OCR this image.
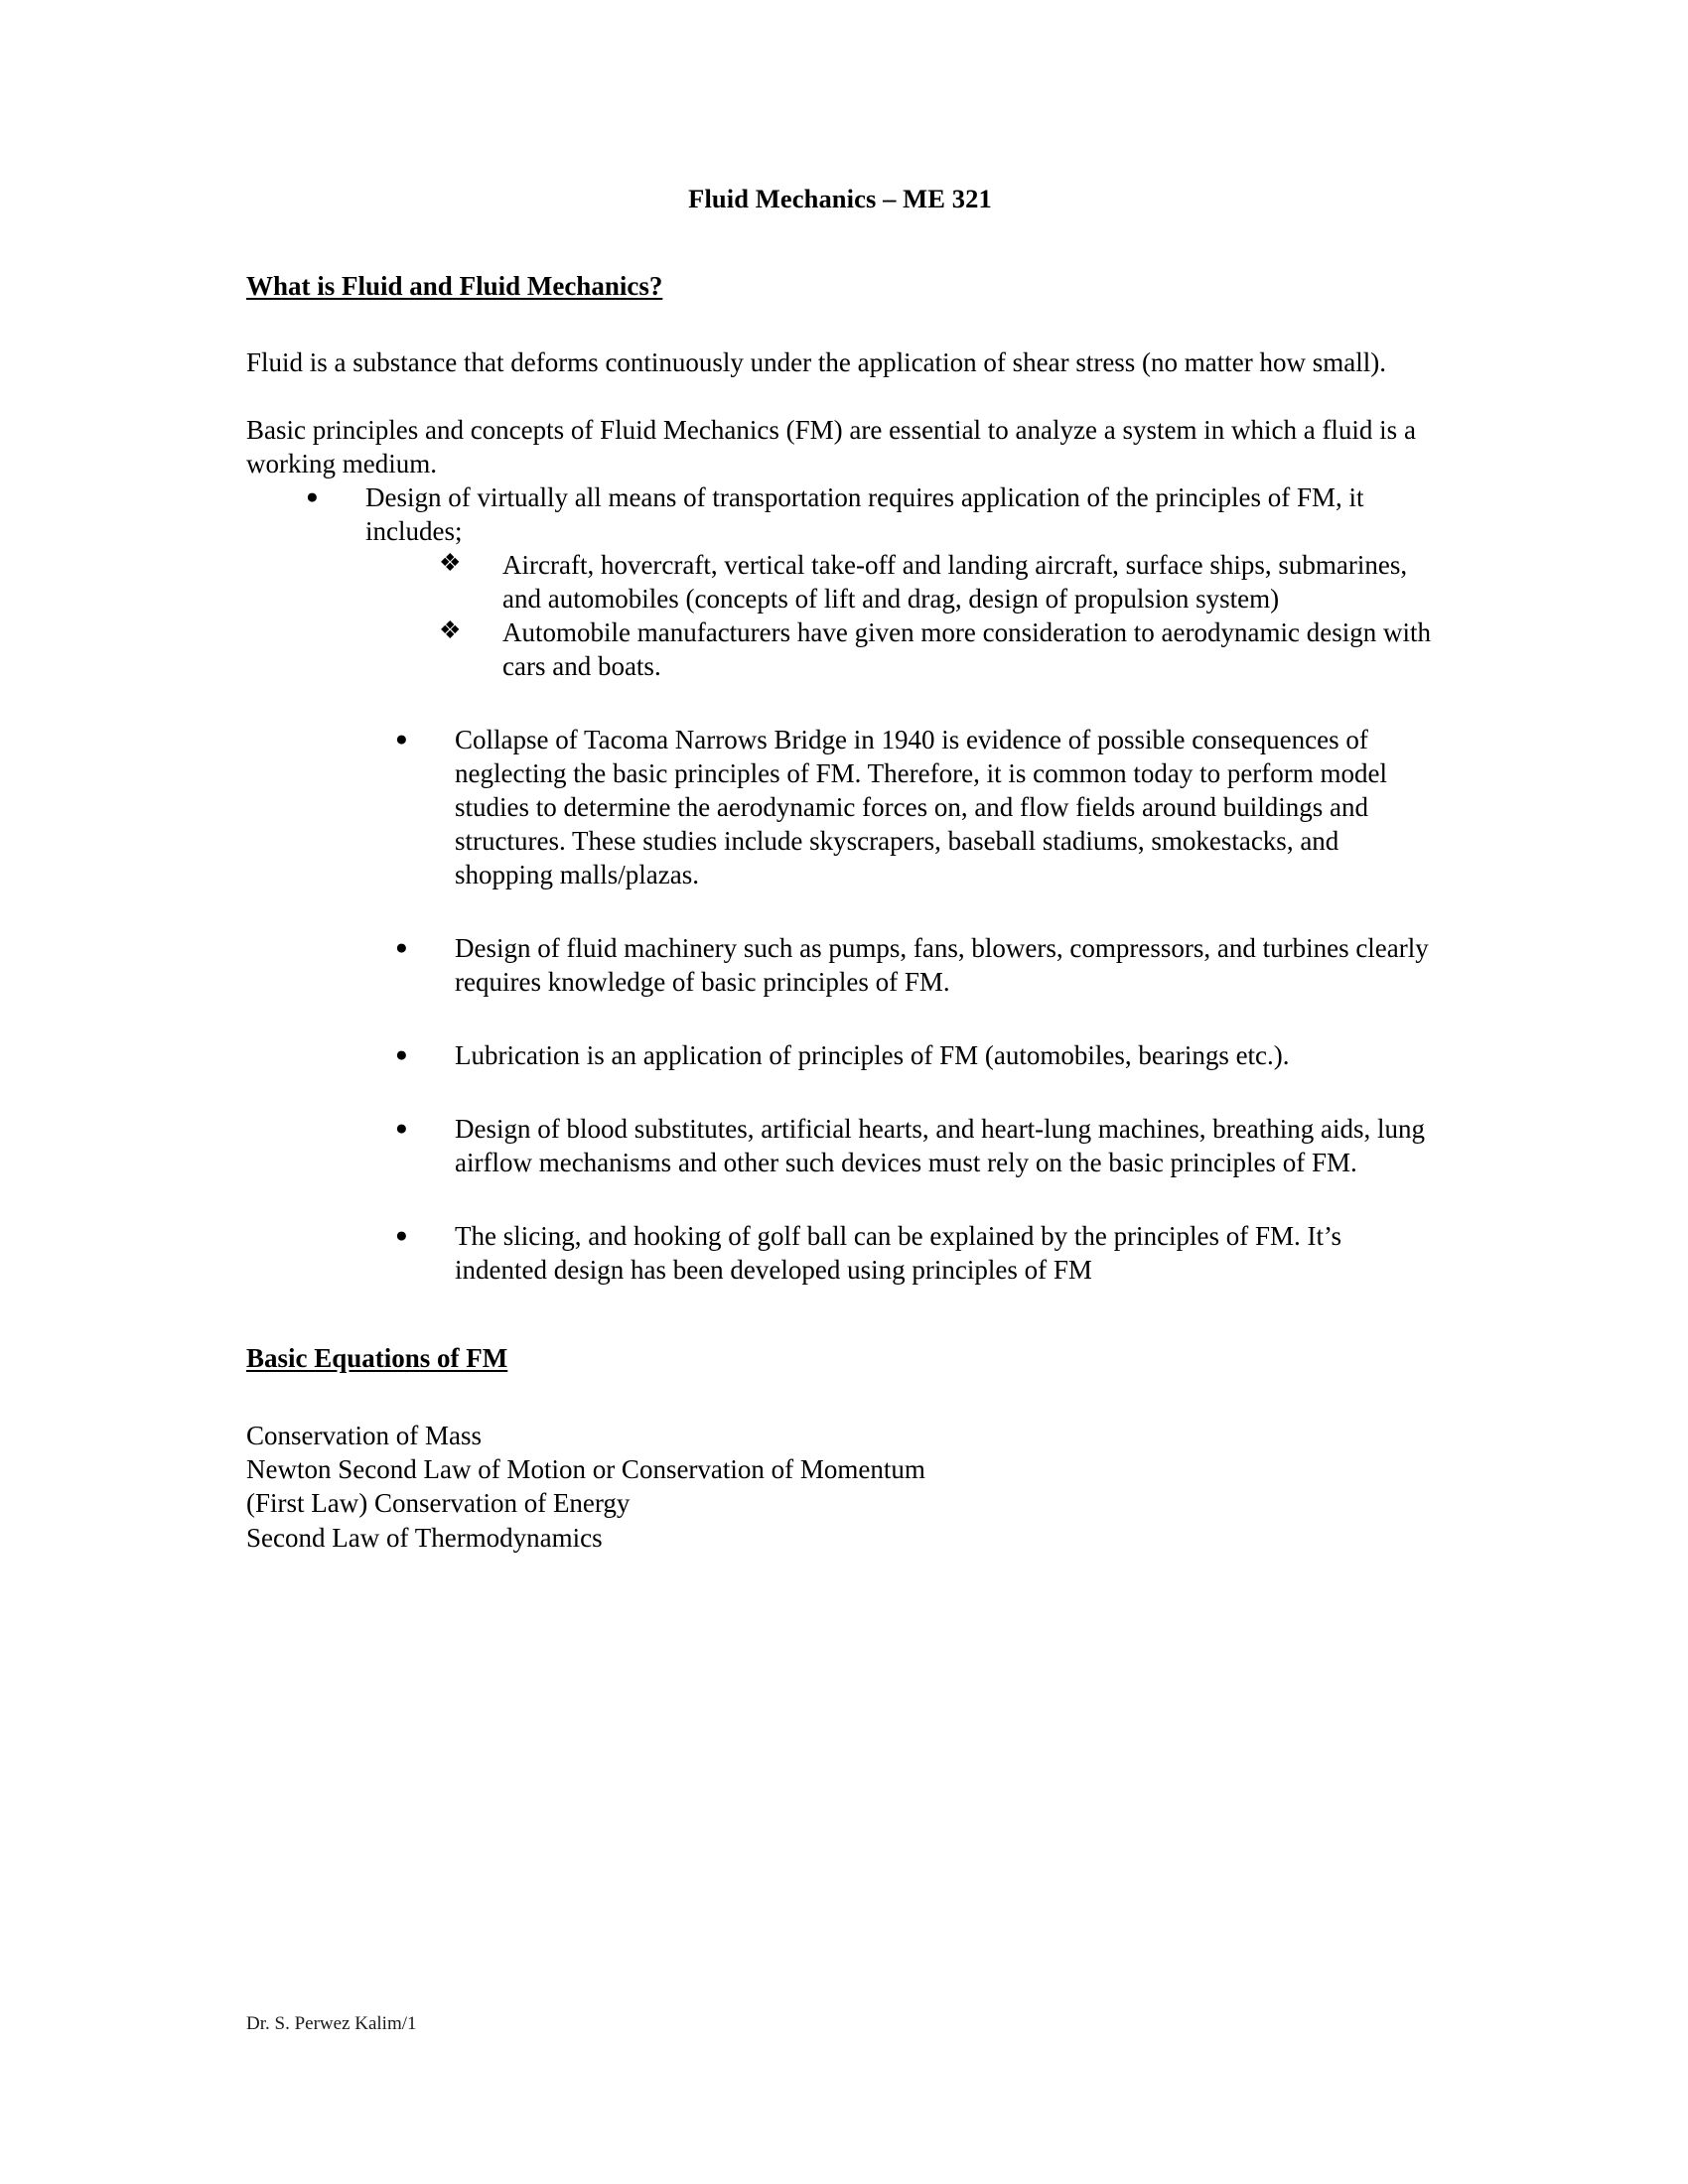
Fluid Mechanics – ME 321
What is Fluid and Fluid Mechanics?

Fluid is a substance that deforms continuously under the application of shear stress (no matter how small).

Basic principles and concepts of Fluid Mechanics (FM) are essential to analyze a system in which a fluid is a working medium.

●	Design of virtually all means of transportation requires application of the principles of FM, it includes;
❖	Aircraft, hovercraft, vertical take-off and landing aircraft, surface ships, submarines, and automobiles (concepts of lift and drag, design of propulsion system)
❖	Automobile manufacturers have given more consideration to aerodynamic design with cars and boats.
●	Collapse of Tacoma Narrows Bridge in 1940 is evidence of possible consequences of neglecting the basic principles of FM. Therefore, it is common today to perform model studies to determine the aerodynamic forces on, and flow fields around buildings and structures. These studies include skyscrapers, baseball stadiums, smokestacks, and shopping malls/plazas.
●	Design of fluid machinery such as pumps, fans, blowers, compressors, and turbines clearly requires knowledge of basic principles of FM.
●	Lubrication is an application of principles of FM (automobiles, bearings etc.).
●	Design of blood substitutes, artificial hearts, and heart-lung machines, breathing aids, lung airflow mechanisms and other such devices must rely on the basic principles of FM.
●	The slicing, and hooking of golf ball can be explained by the principles of FM. It’s indented design has been developed using principles of FM
Basic Equations of FM

Conservation of Mass

Newton Second Law of Motion or Conservation of Momentum

(First Law) Conservation of Energy

Second Law of Thermodynamics

Dr. S. Perwez Kalim/1
